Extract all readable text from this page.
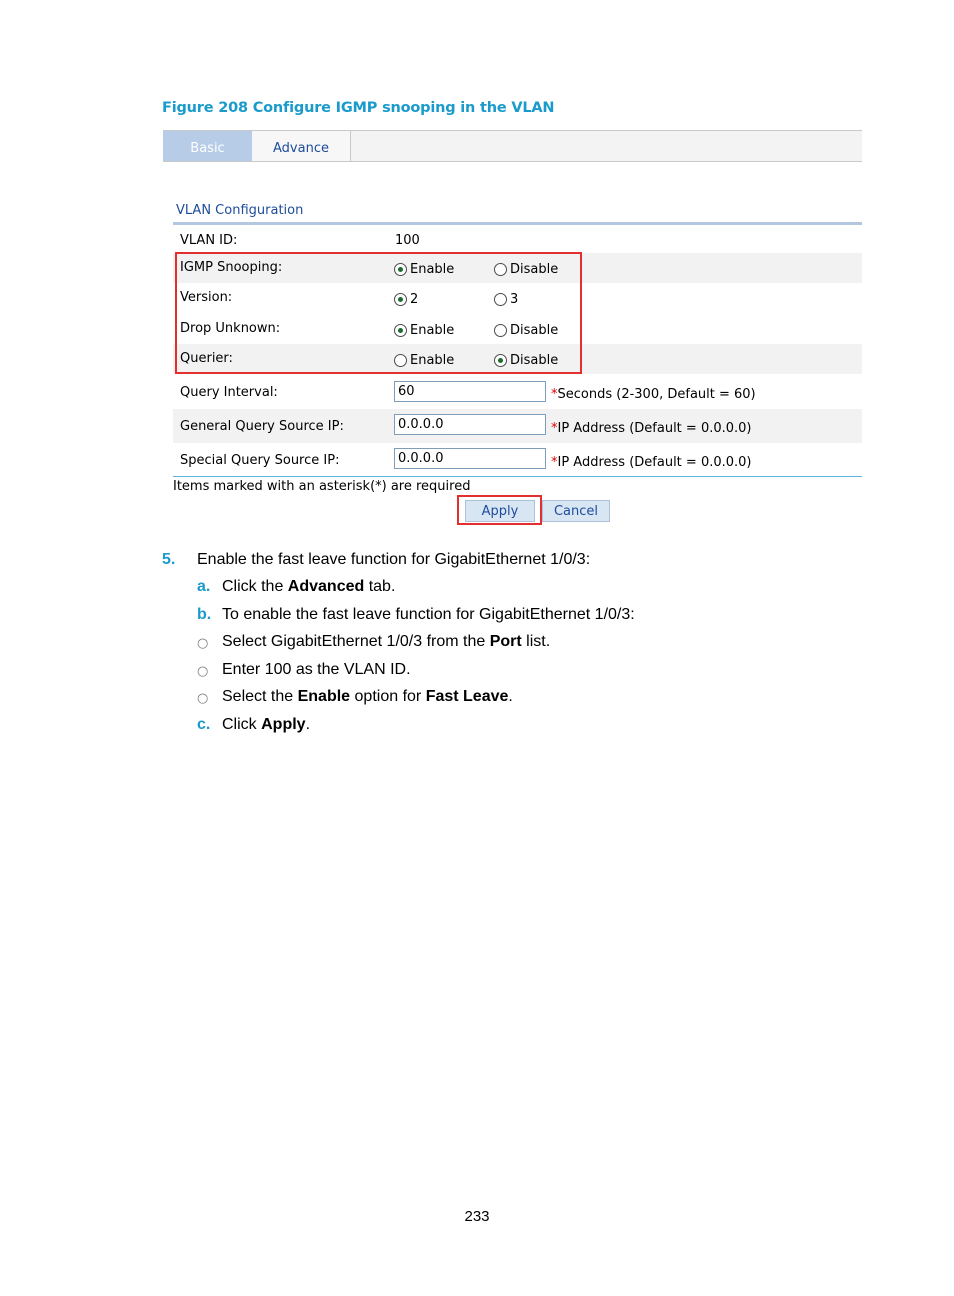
Figure 208 Configure IGMP snooping in the VLAN
Basic	Advance
VLAN Configuration
VLAN ID:	100
IGMP Snooping:	Enable	Disable
Version:	2	3
Drop Unknown:	Enable	Disable
Querier:	Enable	Disable
Query Interval:	60	*Seconds (2-300, Default = 60)
General Query Source IP:	0.0.0.0	*IP Address (Default = 0.0.0.0)
Special Query Source IP:	0.0.0.0	*IP Address (Default = 0.0.0.0)
Items marked with an asterisk(*) are required
Apply	Cancel
5. Enable the fast leave function for GigabitEthernet 1/0/3:
a. Click the Advanced tab.
b. To enable the fast leave function for GigabitEthernet 1/0/3:
○ Select GigabitEthernet 1/0/3 from the Port list.
○ Enter 100 as the VLAN ID.
○ Select the Enable option for Fast Leave.
c. Click Apply.
233
